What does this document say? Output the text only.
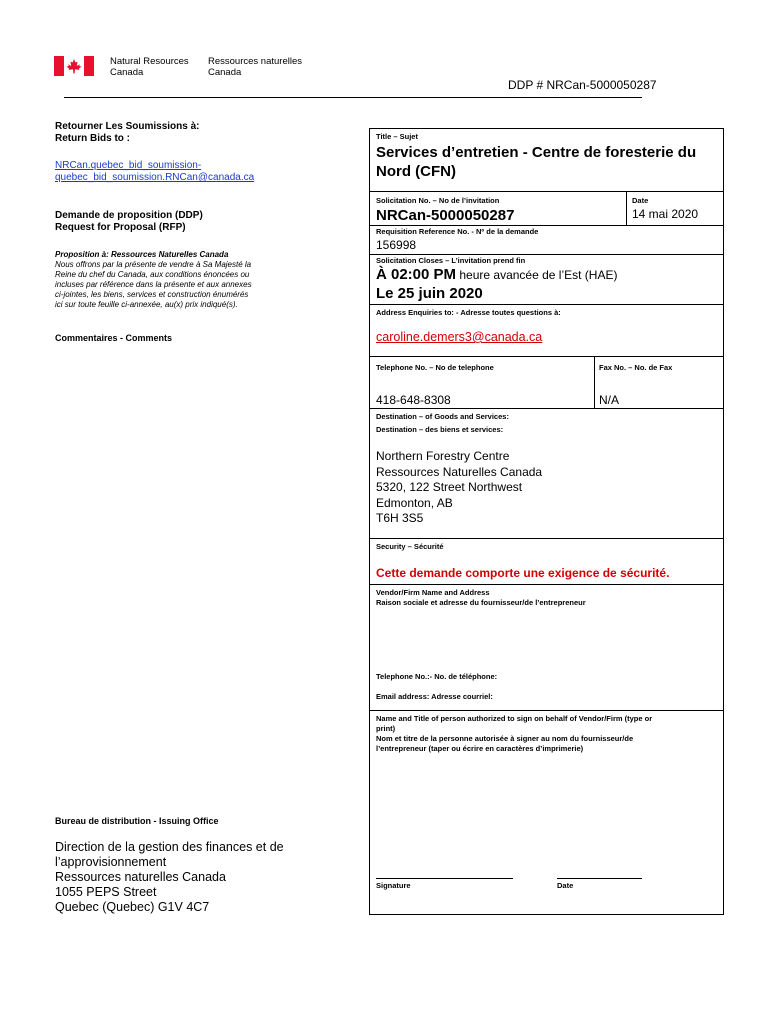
Natural Resources
Canada
Ressources naturelles
Canada
DDP # NRCan-5000050287
Retourner Les Soumissions à:
Return Bids to :
NRCan.quebec_bid_soumission-
quebec_bid_soumission.RNCan@canada.ca
Demande de proposition (DDP)
Request for Proposal (RFP)
Proposition à: Ressources Naturelles Canada
Nous offrons par la présente de vendre à Sa Majesté la
Reine du chef du Canada, aux conditions énoncées ou
incluses par référence dans la présente et aux annexes
ci-jointes, les biens, services et construction énumérés
ici sur toute feuille ci-annexée, au(x) prix indiqué(s).
Commentaires - Comments
Bureau de distribution - Issuing Office
Direction de la gestion des finances et de
l’approvisionnement
Ressources naturelles Canada
1055 PEPS Street
Quebec (Quebec) G1V 4C7
Title – Sujet
Services d’entretien - Centre de foresterie du
Nord (CFN)
Solicitation No. – No de l’invitation
NRCan-5000050287
Date
14 mai 2020
Requisition Reference No. - Nº de la demande
156998
Solicitation Closes – L’invitation prend fin
À 02:00 PM heure avancée de l’Est (HAE)
Le 25 juin 2020
Address Enquiries to: - Adresse toutes questions à:
caroline.demers3@canada.ca
Telephone No. – No de telephone	Fax No. – No. de Fax
418-648-8308	N/A
Destination – of Goods and Services:
Destination – des biens et services:
Northern Forestry Centre
Ressources Naturelles Canada
5320, 122 Street Northwest
Edmonton, AB
T6H 3S5
Security – Sécurité
Cette demande comporte une exigence de sécurité.
Vendor/Firm Name and Address
Raison sociale et adresse du fournisseur/de l’entrepreneur
Telephone No.:- No. de téléphone:
Email address: Adresse courriel:
Name and Title of person authorized to sign on behalf of Vendor/Firm (type or
print)
Nom et titre de la personne autorisée à signer au nom du fournisseur/de
l’entrepreneur (taper ou écrire en caractères d’imprimerie)
Signature	Date
